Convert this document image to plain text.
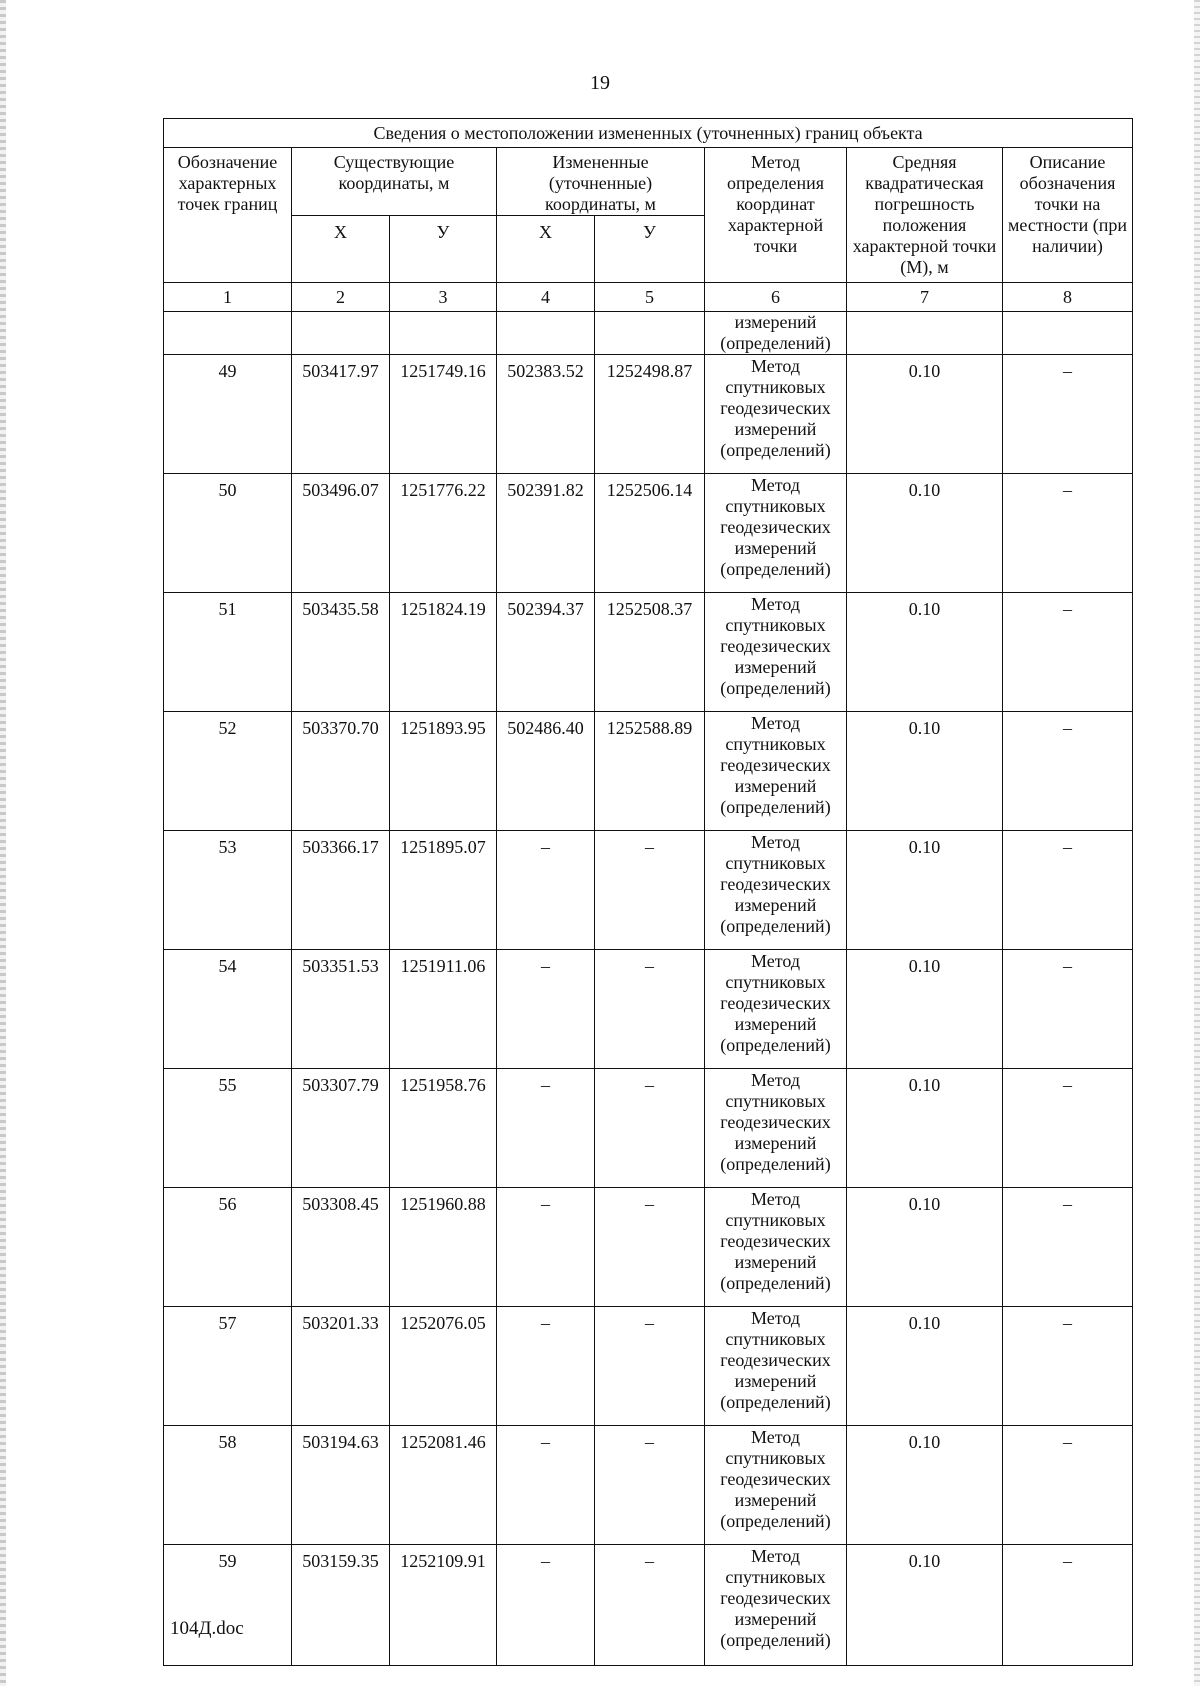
19
Сведения о местоположении измененных (уточненных) границ объекта							
Обозначение характерных точек границ	Существующие координаты, м		Измененные (уточненные) координаты, м		Метод определения координат характерной точки	Средняя квадратическая погрешность положения характерной точки (М), м	Описание обозначения точки на местности (при наличии)
	Х	У	Х	У			
1	2	3	4	5	6	7	8
					измерений (определений)		
49	503417.97	1251749.16	502383.52	1252498.87	Метод спутниковых геодезических измерений (определений)	0.10	–
50	503496.07	1251776.22	502391.82	1252506.14	Метод спутниковых геодезических измерений (определений)	0.10	–
51	503435.58	1251824.19	502394.37	1252508.37	Метод спутниковых геодезических измерений (определений)	0.10	–
52	503370.70	1251893.95	502486.40	1252588.89	Метод спутниковых геодезических измерений (определений)	0.10	–
53	503366.17	1251895.07	–	–	Метод спутниковых геодезических измерений (определений)	0.10	–
54	503351.53	1251911.06	–	–	Метод спутниковых геодезических измерений (определений)	0.10	–
55	503307.79	1251958.76	–	–	Метод спутниковых геодезических измерений (определений)	0.10	–
56	503308.45	1251960.88	–	–	Метод спутниковых геодезических измерений (определений)	0.10	–
57	503201.33	1252076.05	–	–	Метод спутниковых геодезических измерений (определений)	0.10	–
58	503194.63	1252081.46	–	–	Метод спутниковых геодезических измерений (определений)	0.10	–
59	503159.35	1252109.91	–	–	Метод спутниковых геодезических измерений (определений)	0.10	–
104Д.doc
